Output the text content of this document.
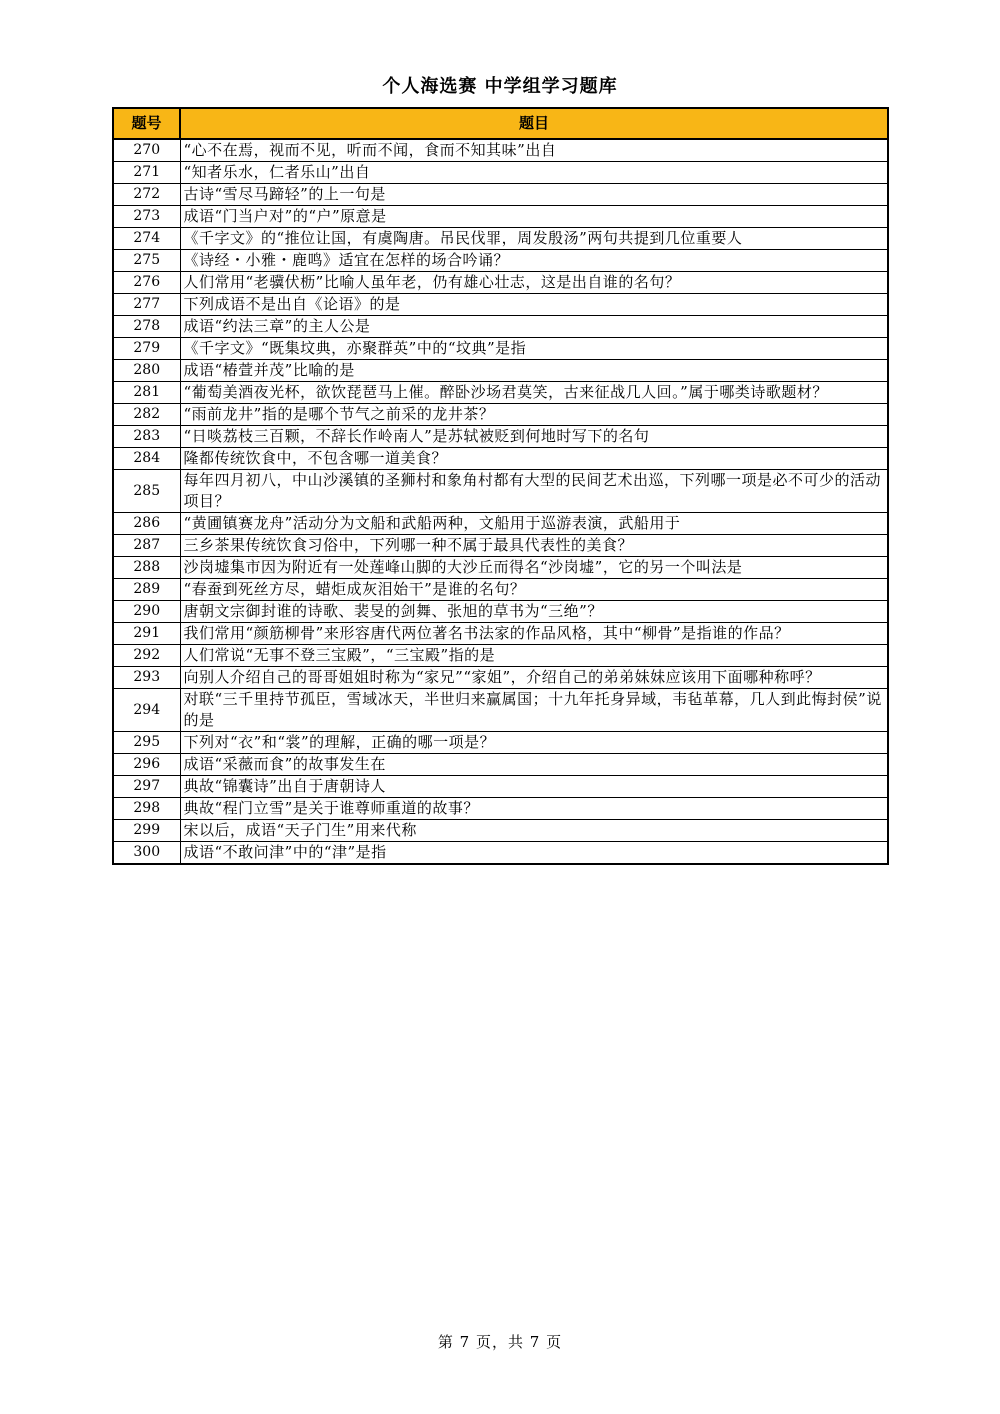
个人海选赛 中学组学习题库
题号	题目
270	“心不在焉，视而不见，听而不闻，食而不知其味”出自
271	“知者乐水，仁者乐山”出自
272	古诗“雪尽马蹄轻”的上一句是
273	成语“门当户对”的“户”原意是
274	《千字文》的“推位让国，有虞陶唐。吊民伐罪，周发殷汤”两句共提到几位重要人
275	《诗经・小雅・鹿鸣》适宜在怎样的场合吟诵？
276	人们常用“老骥伏枥”比喻人虽年老，仍有雄心壮志，这是出自谁的名句？
277	下列成语不是出自《论语》的是
278	成语“约法三章”的主人公是
279	《千字文》“既集坟典，亦聚群英”中的“坟典”是指
280	成语“椿萱并茂”比喻的是
281	“葡萄美酒夜光杯，欲饮琵琶马上催。醉卧沙场君莫笑，古来征战几人回。”属于哪类诗歌题材？
282	“雨前龙井”指的是哪个节气之前采的龙井茶？
283	“日啖荔枝三百颗，不辞长作岭南人”是苏轼被贬到何地时写下的名句
284	隆都传统饮食中，不包含哪一道美食？
285	每年四月初八，中山沙溪镇的圣狮村和象角村都有大型的民间艺术出巡，下列哪一项是必不可少的活动项目？
286	“黄圃镇赛龙舟”活动分为文船和武船两种，文船用于巡游表演，武船用于
287	三乡茶果传统饮食习俗中，下列哪一种不属于最具代表性的美食？
288	沙岗墟集市因为附近有一处莲峰山脚的大沙丘而得名“沙岗墟”，它的另一个叫法是
289	“春蚕到死丝方尽，蜡炬成灰泪始干”是谁的名句？
290	唐朝文宗御封谁的诗歌、裴旻的剑舞、张旭的草书为“三绝”？
291	我们常用“颜筋柳骨”来形容唐代两位著名书法家的作品风格，其中“柳骨”是指谁的作品？
292	人们常说“无事不登三宝殿”，“三宝殿”指的是
293	向别人介绍自己的哥哥姐姐时称为“家兄”“家姐”，介绍自己的弟弟妹妹应该用下面哪种称呼？
294	对联“三千里持节孤臣，雪域冰天，半世归来赢属国；十九年托身异域，韦毡革幕，几人到此悔封侯”说的是
295	下列对“衣”和“裳”的理解，正确的哪一项是？
296	成语“采薇而食”的故事发生在
297	典故“锦囊诗”出自于唐朝诗人
298	典故“程门立雪”是关于谁尊师重道的故事？
299	宋以后，成语“天子门生”用来代称
300	成语“不敢问津”中的“津”是指
第 7 页，共 7 页
